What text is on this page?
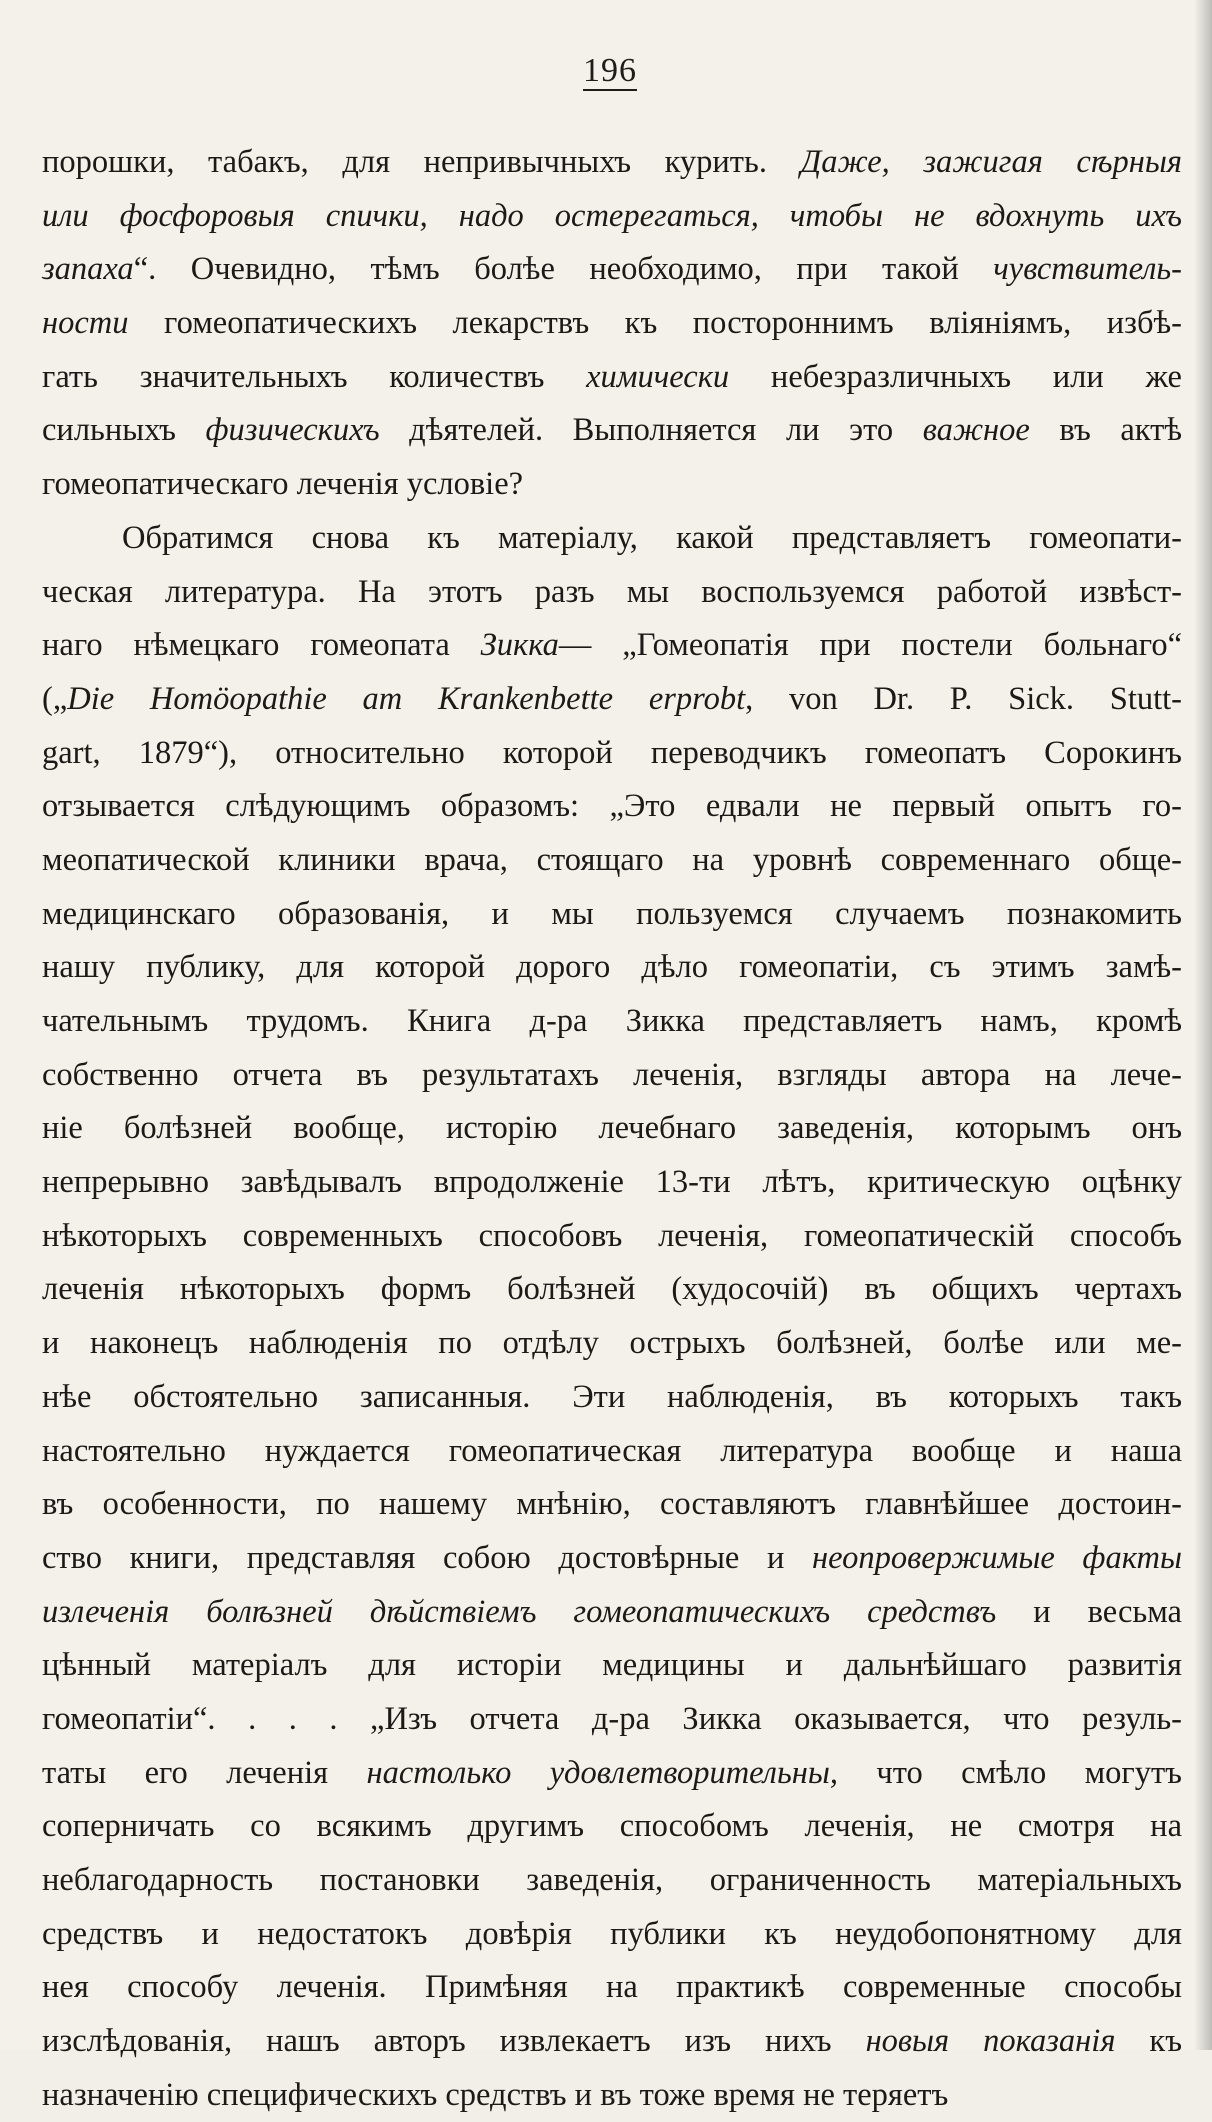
196
порошки, табакъ, для непривычныхъ курить. Даже, зажигая сѣрныя
или фосфоровыя спички, надо остерегаться, чтобы не вдохнуть ихъ
запаха“. Очевидно, тѣмъ болѣе необходимо, при такой чувствитель-
ности гомеопатическихъ лекарствъ къ постороннимъ вліяніямъ, избѣ-
гать значительныхъ количествъ химически небезразличныхъ или же
сильныхъ физическихъ дѣятелей. Выполняется ли это важное въ актѣ
гомеопатическаго леченія условіе?
Обратимся снова къ матеріалу, какой представляетъ гомеопати-
ческая литература. На этотъ разъ мы воспользуемся работой извѣст-
наго нѣмецкаго гомеопата Зикка— „Гомеопатія при постели больнаго“
(„Die Homöopathie am Krankenbette erprobt, von Dr. P. Sick. Stutt-
gart, 1879“), относительно которой переводчикъ гомеопатъ Сорокинъ
отзывается слѣдующимъ образомъ: „Это едвали не первый опытъ го-
меопатической клиники врача, стоящаго на уровнѣ современнаго обще-
медицинскаго образованія, и мы пользуемся случаемъ познакомить
нашу публику, для которой дорого дѣло гомеопатіи, съ этимъ замѣ-
чательнымъ трудомъ. Книга д-ра Зикка представляетъ намъ, кромѣ
собственно отчета въ результатахъ леченія, взгляды автора на лече-
ніе болѣзней вообще, исторію лечебнаго заведенія, которымъ онъ
непрерывно завѣдывалъ впродолженіе 13-ти лѣтъ, критическую оцѣнку
нѣкоторыхъ современныхъ способовъ леченія, гомеопатическій способъ
леченія нѣкоторыхъ формъ болѣзней (худосочій) въ общихъ чертахъ
и наконецъ наблюденія по отдѣлу острыхъ болѣзней, болѣе или ме-
нѣе обстоятельно записанныя. Эти наблюденія, въ которыхъ такъ
настоятельно нуждается гомеопатическая литература вообще и наша
въ особенности, по нашему мнѣнію, составляютъ главнѣйшее достоин-
ство книги, представляя собою достовѣрные и неопровержимые факты
излеченія болѣзней дѣйствіемъ гомеопатическихъ средствъ и весьма
цѣнный матеріалъ для исторіи медицины и дальнѣйшаго развитія
гомеопатіи“. . . . „Изъ отчета д-ра Зикка оказывается, что резуль-
таты его леченія настолько удовлетворительны, что смѣло могутъ
соперничать со всякимъ другимъ способомъ леченія, не смотря на
неблагодарность постановки заведенія, ограниченность матеріальныхъ
средствъ и недостатокъ довѣрія публики къ неудобопонятному для
нея способу леченія. Примѣняя на практикѣ современные способы
изслѣдованія, нашъ авторъ извлекаетъ изъ нихъ новыя показанія къ
назначенію специфическихъ средствъ и въ тоже время не теряетъ
